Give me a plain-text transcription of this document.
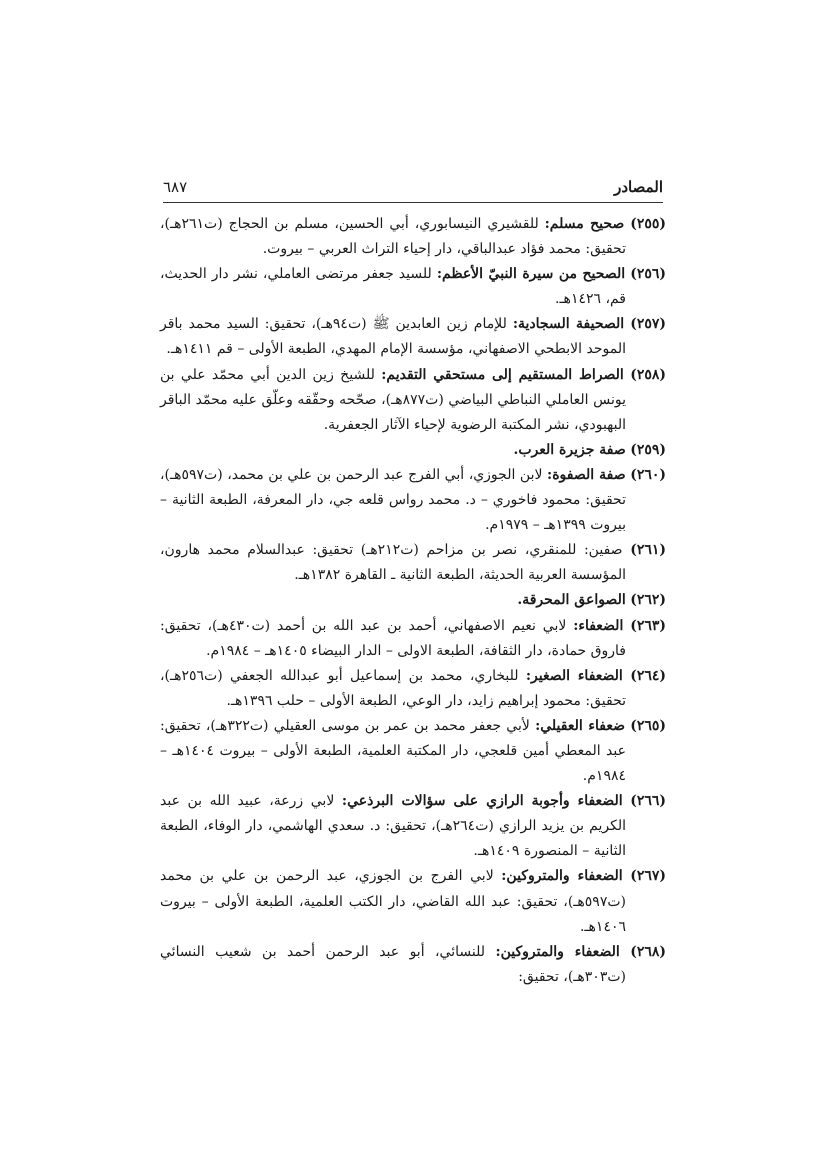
المصادر
٦٨٧

(٢٥٥) صحيح مسلم: للقشيري النيسابوري، أبي الحسين، مسلم بن الحجاج (ت٢٦١هـ)، تحقيق: محمد فؤاد عبدالباقي، دار إحياء التراث العربي – بيروت.

(٢٥٦) الصحيح من سيرة النبيّ الأعظم: للسيد جعفر مرتضى العاملي، نشر دار الحديث، قم، ١٤٢٦هـ.

(٢٥٧) الصحيفة السجادية: للإمام زين العابدين ﷺ (ت٩٤هـ)، تحقيق: السيد محمد باقر الموحد الابطحي الاصفهاني، مؤسسة الإمام المهدي، الطبعة الأولى – قم ١٤١١هـ.

(٢٥٨) الصراط المستقيم إلى مستحقي التقديم: للشيخ زين الدين أبي محمّد علي بن يونس العاملي النباطي البياضي (ت٨٧٧هـ)، صحّحه وحقّقه وعلّق عليه محمّد الباقر البهبودي، نشر المكتبة الرضوية لإحياء الآثار الجعفرية.

(٢٥٩) صفة جزيرة العرب.

(٢٦٠) صفة الصفوة: لابن الجوزي، أبي الفرج عبد الرحمن بن علي بن محمد، (ت٥٩٧هـ)، تحقيق: محمود فاخوري – د. محمد رواس قلعه جي، دار المعرفة، الطبعة الثانية – بيروت ١٣٩٩هـ – ١٩٧٩م.

(٢٦١) صفين: للمنقري، نصر بن مزاحم (ت٢١٢هـ) تحقيق: عبدالسلام محمد هارون، المؤسسة العربية الحديثة، الطبعة الثانية ـ القاهرة ١٣٨٢هـ.

(٢٦٢) الصواعق المحرقة.

(٢٦٣) الضعفاء: لابي نعيم الاصفهاني، أحمد بن عبد الله بن أحمد (ت٤٣٠هـ)، تحقيق: فاروق حمادة، دار الثقافة، الطبعة الاولى – الدار البيضاء ١٤٠٥هـ – ١٩٨٤م.

(٢٦٤) الضعفاء الصغير: للبخاري، محمد بن إسماعيل أبو عبدالله الجعفي (ت٢٥٦هـ)، تحقيق: محمود إبراهيم زايد، دار الوعي، الطبعة الأولى – حلب ١٣٩٦هـ.

(٢٦٥) ضعفاء العقيلي: لأبي جعفر محمد بن عمر بن موسى العقيلي (ت٣٢٢هـ)، تحقيق: عبد المعطي أمين قلعجي، دار المكتبة العلمية، الطبعة الأولى – بيروت ١٤٠٤هـ – ١٩٨٤م.

(٢٦٦) الضعفاء وأجوبة الرازي على سؤالات البرذعي: لابي زرعة، عبيد الله بن عبد الكريم بن يزيد الرازي (ت٢٦٤هـ)، تحقيق: د. سعدي الهاشمي، دار الوفاء، الطبعة الثانية – المنصورة ١٤٠٩هـ.

(٢٦٧) الضعفاء والمتروكين: لابي الفرج بن الجوزي، عبد الرحمن بن علي بن محمد (ت٥٩٧هـ)، تحقيق: عبد الله القاضي، دار الكتب العلمية، الطبعة الأولى – بيروت ١٤٠٦هـ.

(٢٦٨) الضعفاء والمتروكين: للنسائي، أبو عبد الرحمن أحمد بن شعيب النسائي (ت٣٠٣هـ)، تحقيق:
